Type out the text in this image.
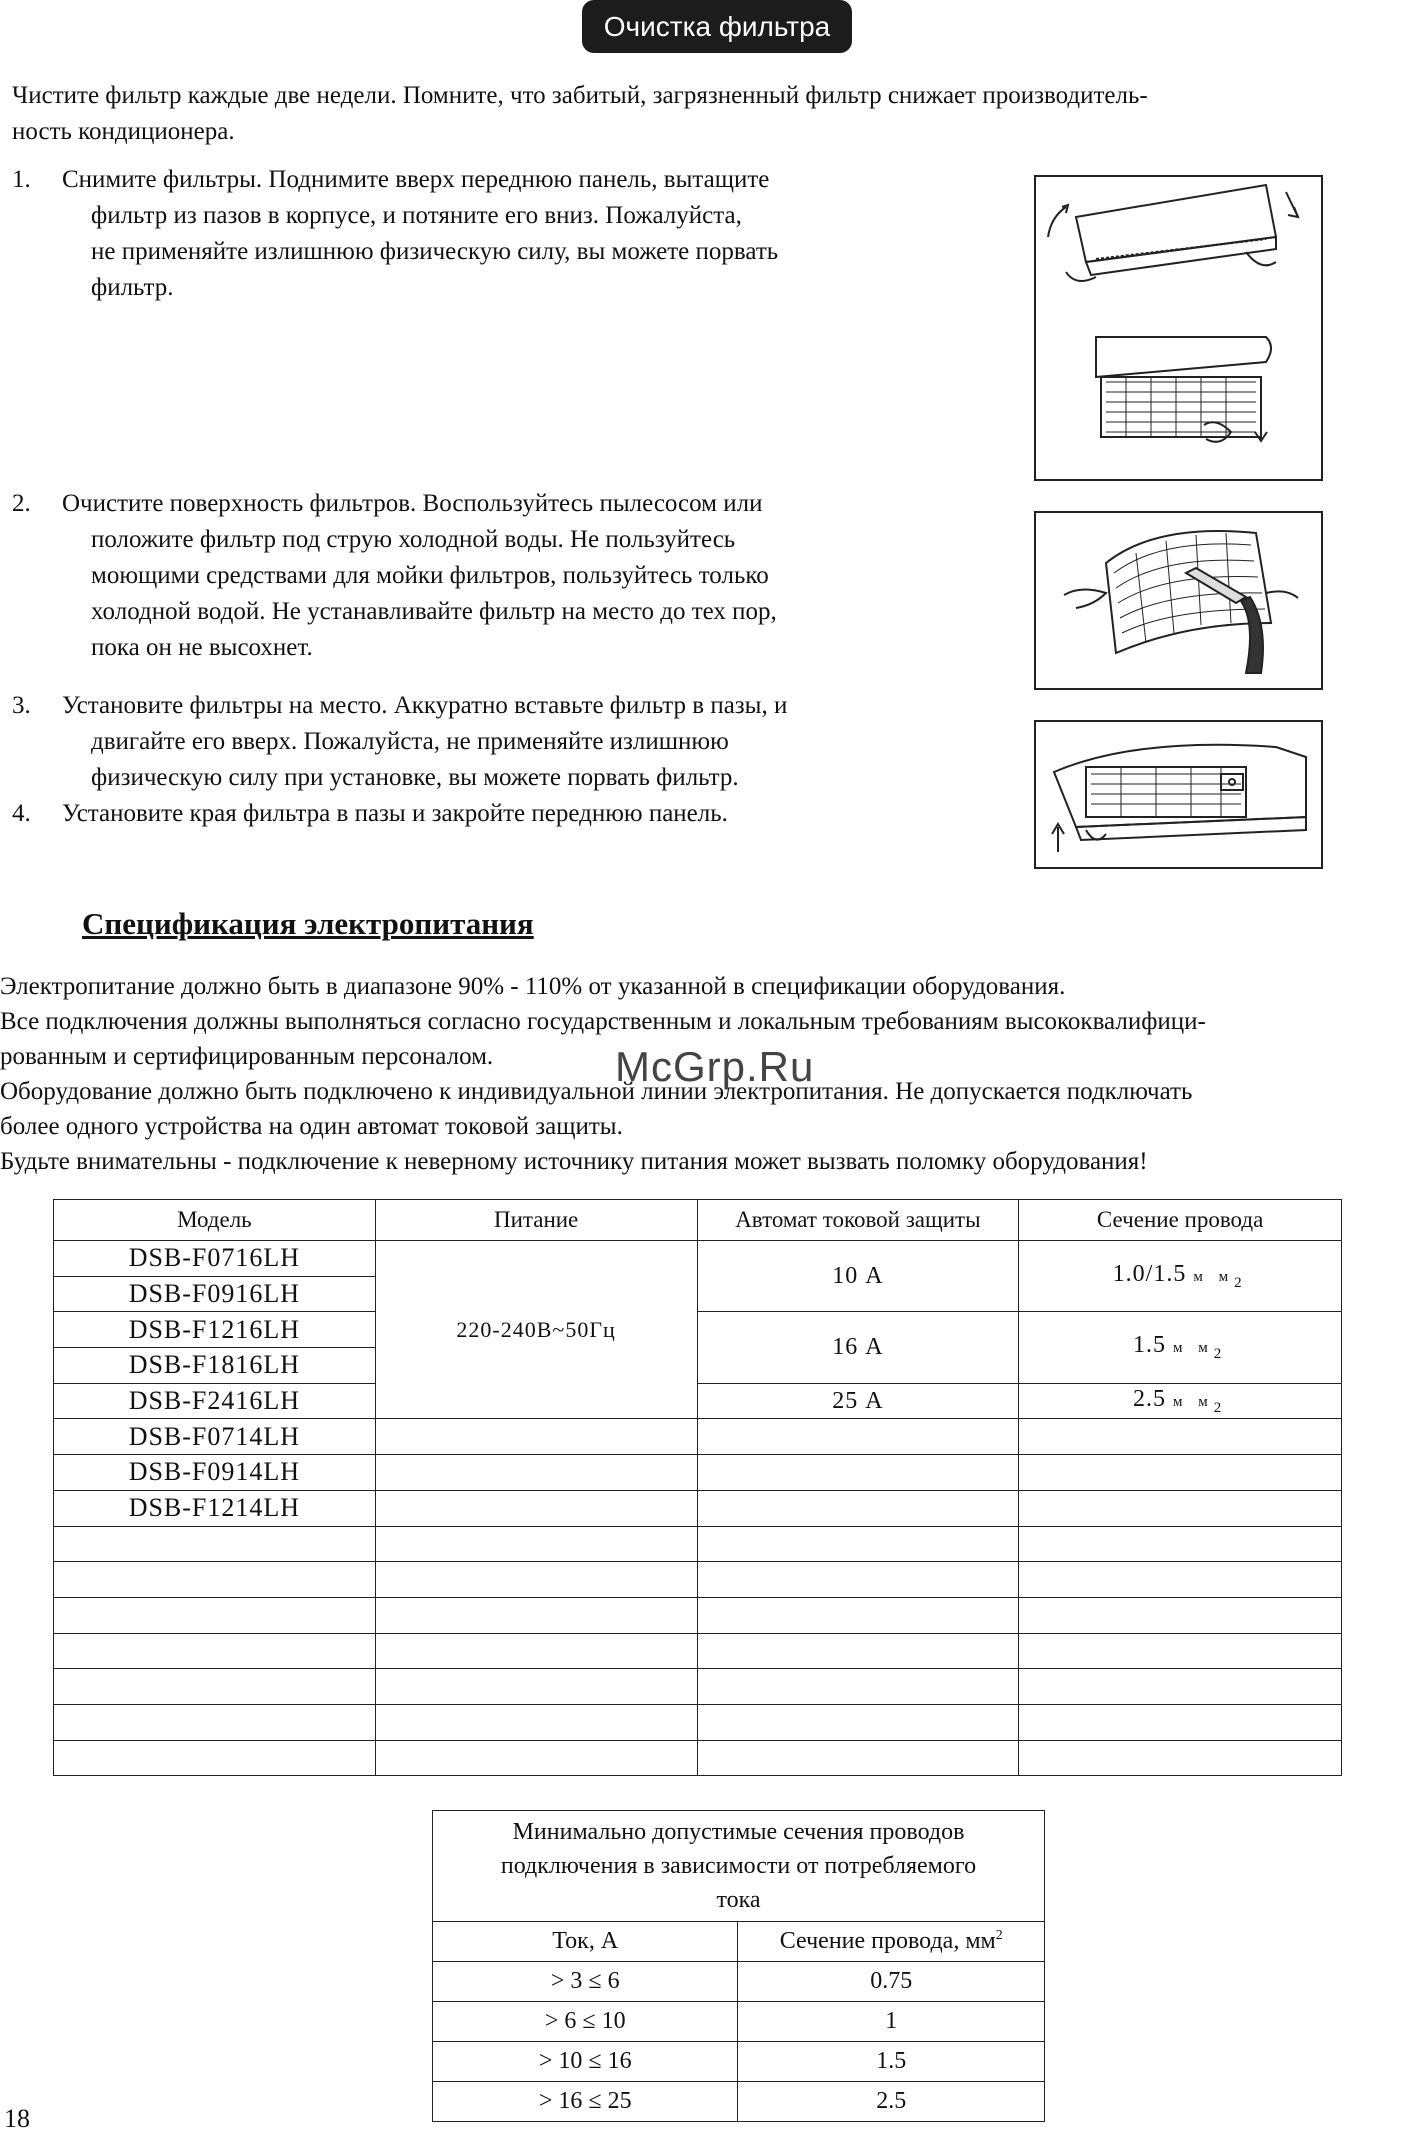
Очистка фильтра
Чистите фильтр каждые две недели. Помните, что забитый, загрязненный фильтр снижает производитель-
ность кондиционера.
1.	Снимите фильтры. Поднимите вверх переднюю панель, вытащите
фильтр из пазов в корпусе, и потяните его вниз. Пожалуйста,
не применяйте излишнюю физическую силу, вы можете порвать
фильтр.
2.	Очистите поверхность фильтров. Воспользуйтесь пылесосом или
положите фильтр под струю холодной воды. Не пользуйтесь
моющими средствами для мойки фильтров, пользуйтесь только
холодной водой. Не устанавливайте фильтр на место до тех пор,
пока он не высохнет.
3.	Установите фильтры на место. Аккуратно вставьте фильтр в пазы, и
двигайте его вверх. Пожалуйста, не применяйте излишнюю
физическую силу при установке, вы можете порвать фильтр.
4.	Установите края фильтра в пазы и закройте переднюю панель.
Спецификация электропитания
Электропитание должно быть в диапазоне 90% - 110% от указанной в спецификации оборудования.
Все подключения должны выполняться согласно государственным и локальным требованиям высококвалифици-
рованным и сертифицированным персоналом.
Оборудование должно быть подключено к индивидуальной линии электропитания. Не допускается подключать
более одного устройства на один автомат токовой защиты.
Будьте внимательны - подключение к неверному источнику питания может вызвать поломку оборудования!
McGrp.Ru
Модель	Питание	Автомат токовой защиты	Сечение провода
DSB-F0716LH	220-240В~50Гц	10 А	1.0/1.5 м $м_2$
DSB-F0916LH			
DSB-F1216LH		16 А	1.5 м $м_2$
DSB-F1816LH			
DSB-F2416LH		25 А	2.5 м $м_2$
DSB-F0714LH			
DSB-F0914LH			
DSB-F1214LH			

Минимально допустимые сечения проводов
подключения в зависимости от потребляемого
тока	

Ток, А	Сечение провода, $мм^2$
> 3 ≤ 6	0.75
> 6 ≤ 10	1
> 10 ≤ 16	1.5
> 16 ≤ 25	2.5
18
